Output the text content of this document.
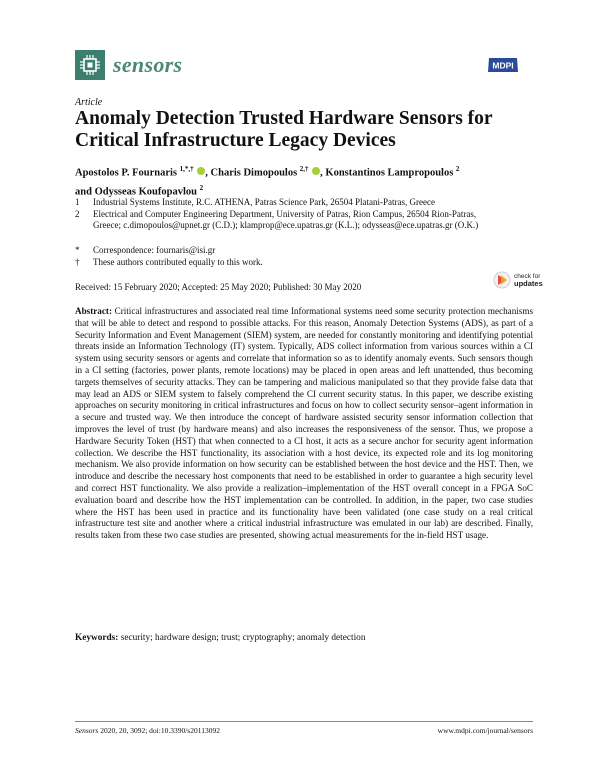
sensors	MDPI
Article
Anomaly Detection Trusted Hardware Sensors for Critical Infrastructure Legacy Devices
Apostolos P. Fournaris $^{1,*,\dagger}$ , Charis Dimopoulos $^{2,\dagger}$ , Konstantinos Lampropoulos $^2$
and Odysseas Koufopavlou $^2$
1	Industrial Systems Institute, R.C. ATHENA, Patras Science Park, 26504 Platani-Patras, Greece
2	Electrical and Computer Engineering Department, University of Patras, Rion Campus, 26504 Rion-Patras, Greece; c.dimopoulos@upnet.gr (C.D.); klamprop@ece.upatras.gr (K.L.); odysseas@ece.upatras.gr (O.K.)
*	Correspondence: fournaris@isi.gr
†	These authors contributed equally to this work.
check for
updates
Received: 15 February 2020; Accepted: 25 May 2020; Published: 30 May 2020
Abstract: Critical infrastructures and associated real time Informational systems need some security protection mechanisms that will be able to detect and respond to possible attacks. For this reason, Anomaly Detection Systems (ADS), as part of a Security Information and Event Management (SIEM) system, are needed for constantly monitoring and identifying potential threats inside an Information Technology (IT) system. Typically, ADS collect information from various sources within a CI system using security sensors or agents and correlate that information so as to identify anomaly events. Such sensors though in a CI setting (factories, power plants, remote locations) may be placed in open areas and left unattended, thus becoming targets themselves of security attacks. They can be tampering and malicious manipulated so that they provide false data that may lead an ADS or SIEM system to falsely comprehend the CI current security status. In this paper, we describe existing approaches on security monitoring in critical infrastructures and focus on how to collect security sensor–agent information in a secure and trusted way. We then introduce the concept of hardware assisted security sensor information collection that improves the level of trust (by hardware means) and also increases the responsiveness of the sensor. Thus, we propose a Hardware Security Token (HST) that when connected to a CI host, it acts as a secure anchor for security agent information collection. We describe the HST functionality, its association with a host device, its expected role and its log monitoring mechanism. We also provide information on how security can be established between the host device and the HST. Then, we introduce and describe the necessary host components that need to be established in order to guarantee a high security level and correct HST functionality. We also provide a realization–implementation of the HST overall concept in a FPGA SoC evaluation board and describe how the HST implementation can be controlled. In addition, in the paper, two case studies where the HST has been used in practice and its functionality have been validated (one case study on a real critical infrastructure test site and another where a critical industrial infrastructure was emulated in our lab) are described. Finally, results taken from these two case studies are presented, showing actual measurements for the in-field HST usage.
Keywords: security; hardware design; trust; cryptography; anomaly detection
Sensors 2020, 20, 3092; doi:10.3390/s20113092	www.mdpi.com/journal/sensors
